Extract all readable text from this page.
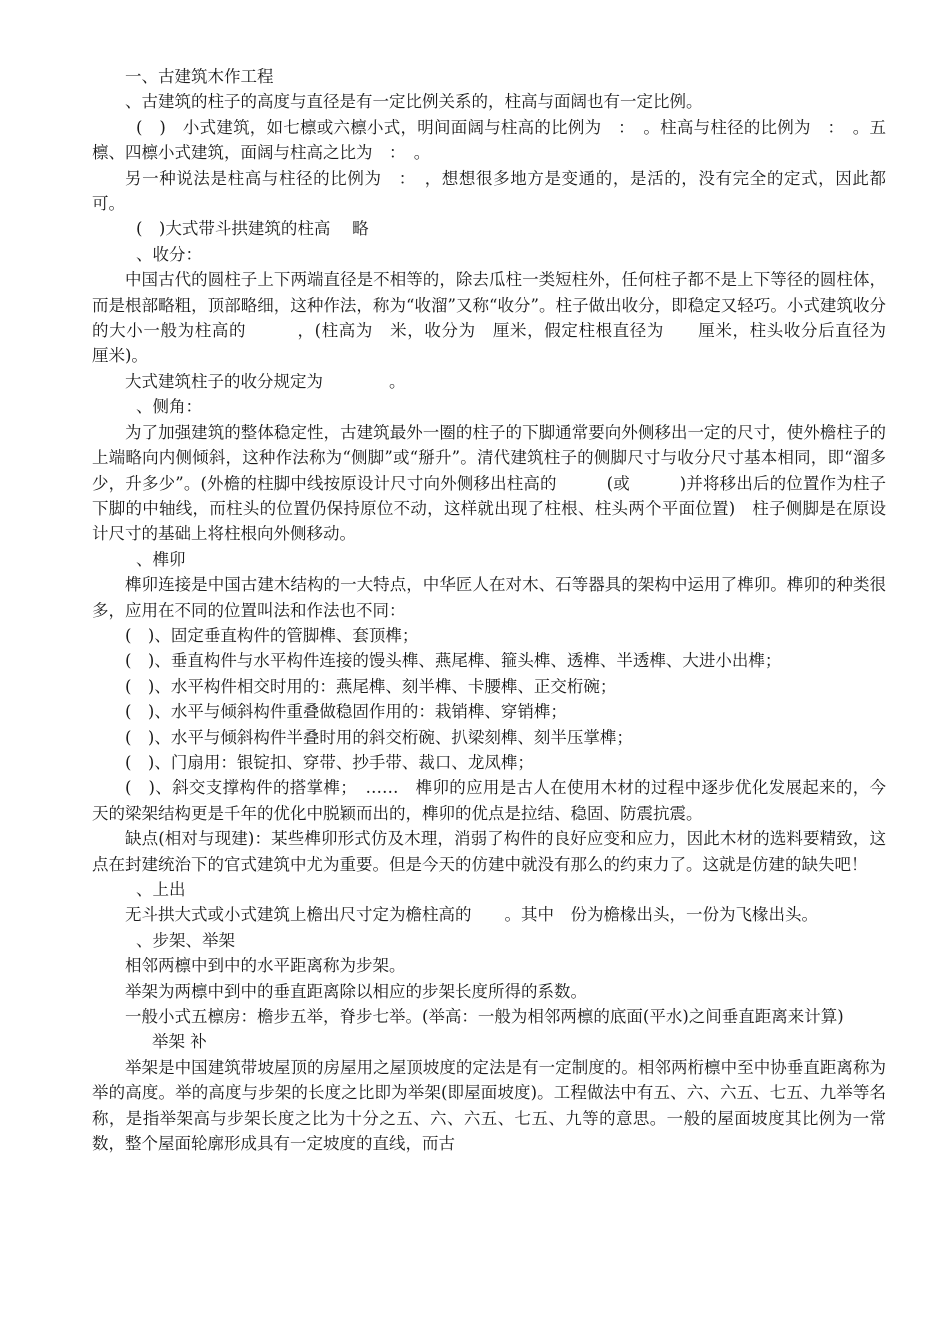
一、古建筑木作工程

、古建筑的柱子的高度与直径是有一定比例关系的，柱高与面阔也有一定比例。

(　)　小式建筑，如七檩或六檩小式，明间面阔与柱高的比例为　：　。柱高与柱径的比例为　：　。五檩、四檩小式建筑，面阔与柱高之比为　：　。

另一种说法是柱高与柱径的比例为　：　，想想很多地方是变通的，是活的，没有完全的定式，因此都可。

(　)大式带斗拱建筑的柱高　 略

、收分：

中国古代的圆柱子上下两端直径是不相等的，除去瓜柱一类短柱外，任何柱子都不是上下等径的圆柱体，而是根部略粗，顶部略细，这种作法，称为“收溜”又称“收分”。柱子做出收分，即稳定又轻巧。小式建筑收分的大小一般为柱高的　　　，(柱高为　米，收分为　厘米，假定柱根直径为　　厘米，柱头收分后直径为　　厘米)。

大式建筑柱子的收分规定为　　　　。

、侧角：

为了加强建筑的整体稳定性，古建筑最外一圈的柱子的下脚通常要向外侧移出一定的尺寸，使外檐柱子的上端略向内侧倾斜，这种作法称为“侧脚”或“掰升”。清代建筑柱子的侧脚尺寸与收分尺寸基本相同，即“溜多少，升多少”。(外檐的柱脚中线按原设计尺寸向外侧移出柱高的　　　(或　　　)并将移出后的位置作为柱子下脚的中轴线，而柱头的位置仍保持原位不动，这样就出现了柱根、柱头两个平面位置)　柱子侧脚是在原设计尺寸的基础上将柱根向外侧移动。

、榫卯

榫卯连接是中国古建木结构的一大特点，中华匠人在对木、石等器具的架构中运用了榫卯。榫卯的种类很多，应用在不同的位置叫法和作法也不同：

(　)、固定垂直构件的管脚榫、套顶榫；

(　)、垂直构件与水平构件连接的馒头榫、燕尾榫、箍头榫、透榫、半透榫、大进小出榫；

(　)、水平构件相交时用的：燕尾榫、刻半榫、卡腰榫、正交桁碗；

(　)、水平与倾斜构件重叠做稳固作用的：栽销榫、穿销榫；

(　)、水平与倾斜构件半叠时用的斜交桁碗、扒梁刻榫、刻半压掌榫；

(　)、门扇用：银锭扣、穿带、抄手带、裁口、龙凤榫；

(　)、斜交支撑构件的搭掌榫；　……　榫卯的应用是古人在使用木材的过程中逐步优化发展起来的，今天的梁架结构更是千年的优化中脱颖而出的，榫卯的优点是拉结、稳固、防震抗震。

缺点(相对与现建)：某些榫卯形式仿及木理，消弱了构件的良好应变和应力，因此木材的选料要精致，这点在封建统治下的官式建筑中尤为重要。但是今天的仿建中就没有那么的约束力了。这就是仿建的缺失吧！

、上出

无斗拱大式或小式建筑上檐出尺寸定为檐柱高的　　。其中　份为檐椽出头，一份为飞椽出头。

、步架、举架

相邻两檩中到中的水平距离称为步架。

举架为两檩中到中的垂直距离除以相应的步架长度所得的系数。

一般小式五檩房：檐步五举，脊步七举。(举高：一般为相邻两檩的底面(平水)之间垂直距离来计算)

举架 补

举架是中国建筑带坡屋顶的房屋用之屋顶坡度的定法是有一定制度的。相邻两桁檩中至中协垂直距离称为举的高度。举的高度与步架的长度之比即为举架(即屋面坡度)。工程做法中有五、六、六五、七五、九举等名称，是指举架高与步架长度之比为十分之五、六、六五、七五、九等的意思。一般的屋面坡度其比例为一常数，整个屋面轮廓形成具有一定坡度的直线，而古
